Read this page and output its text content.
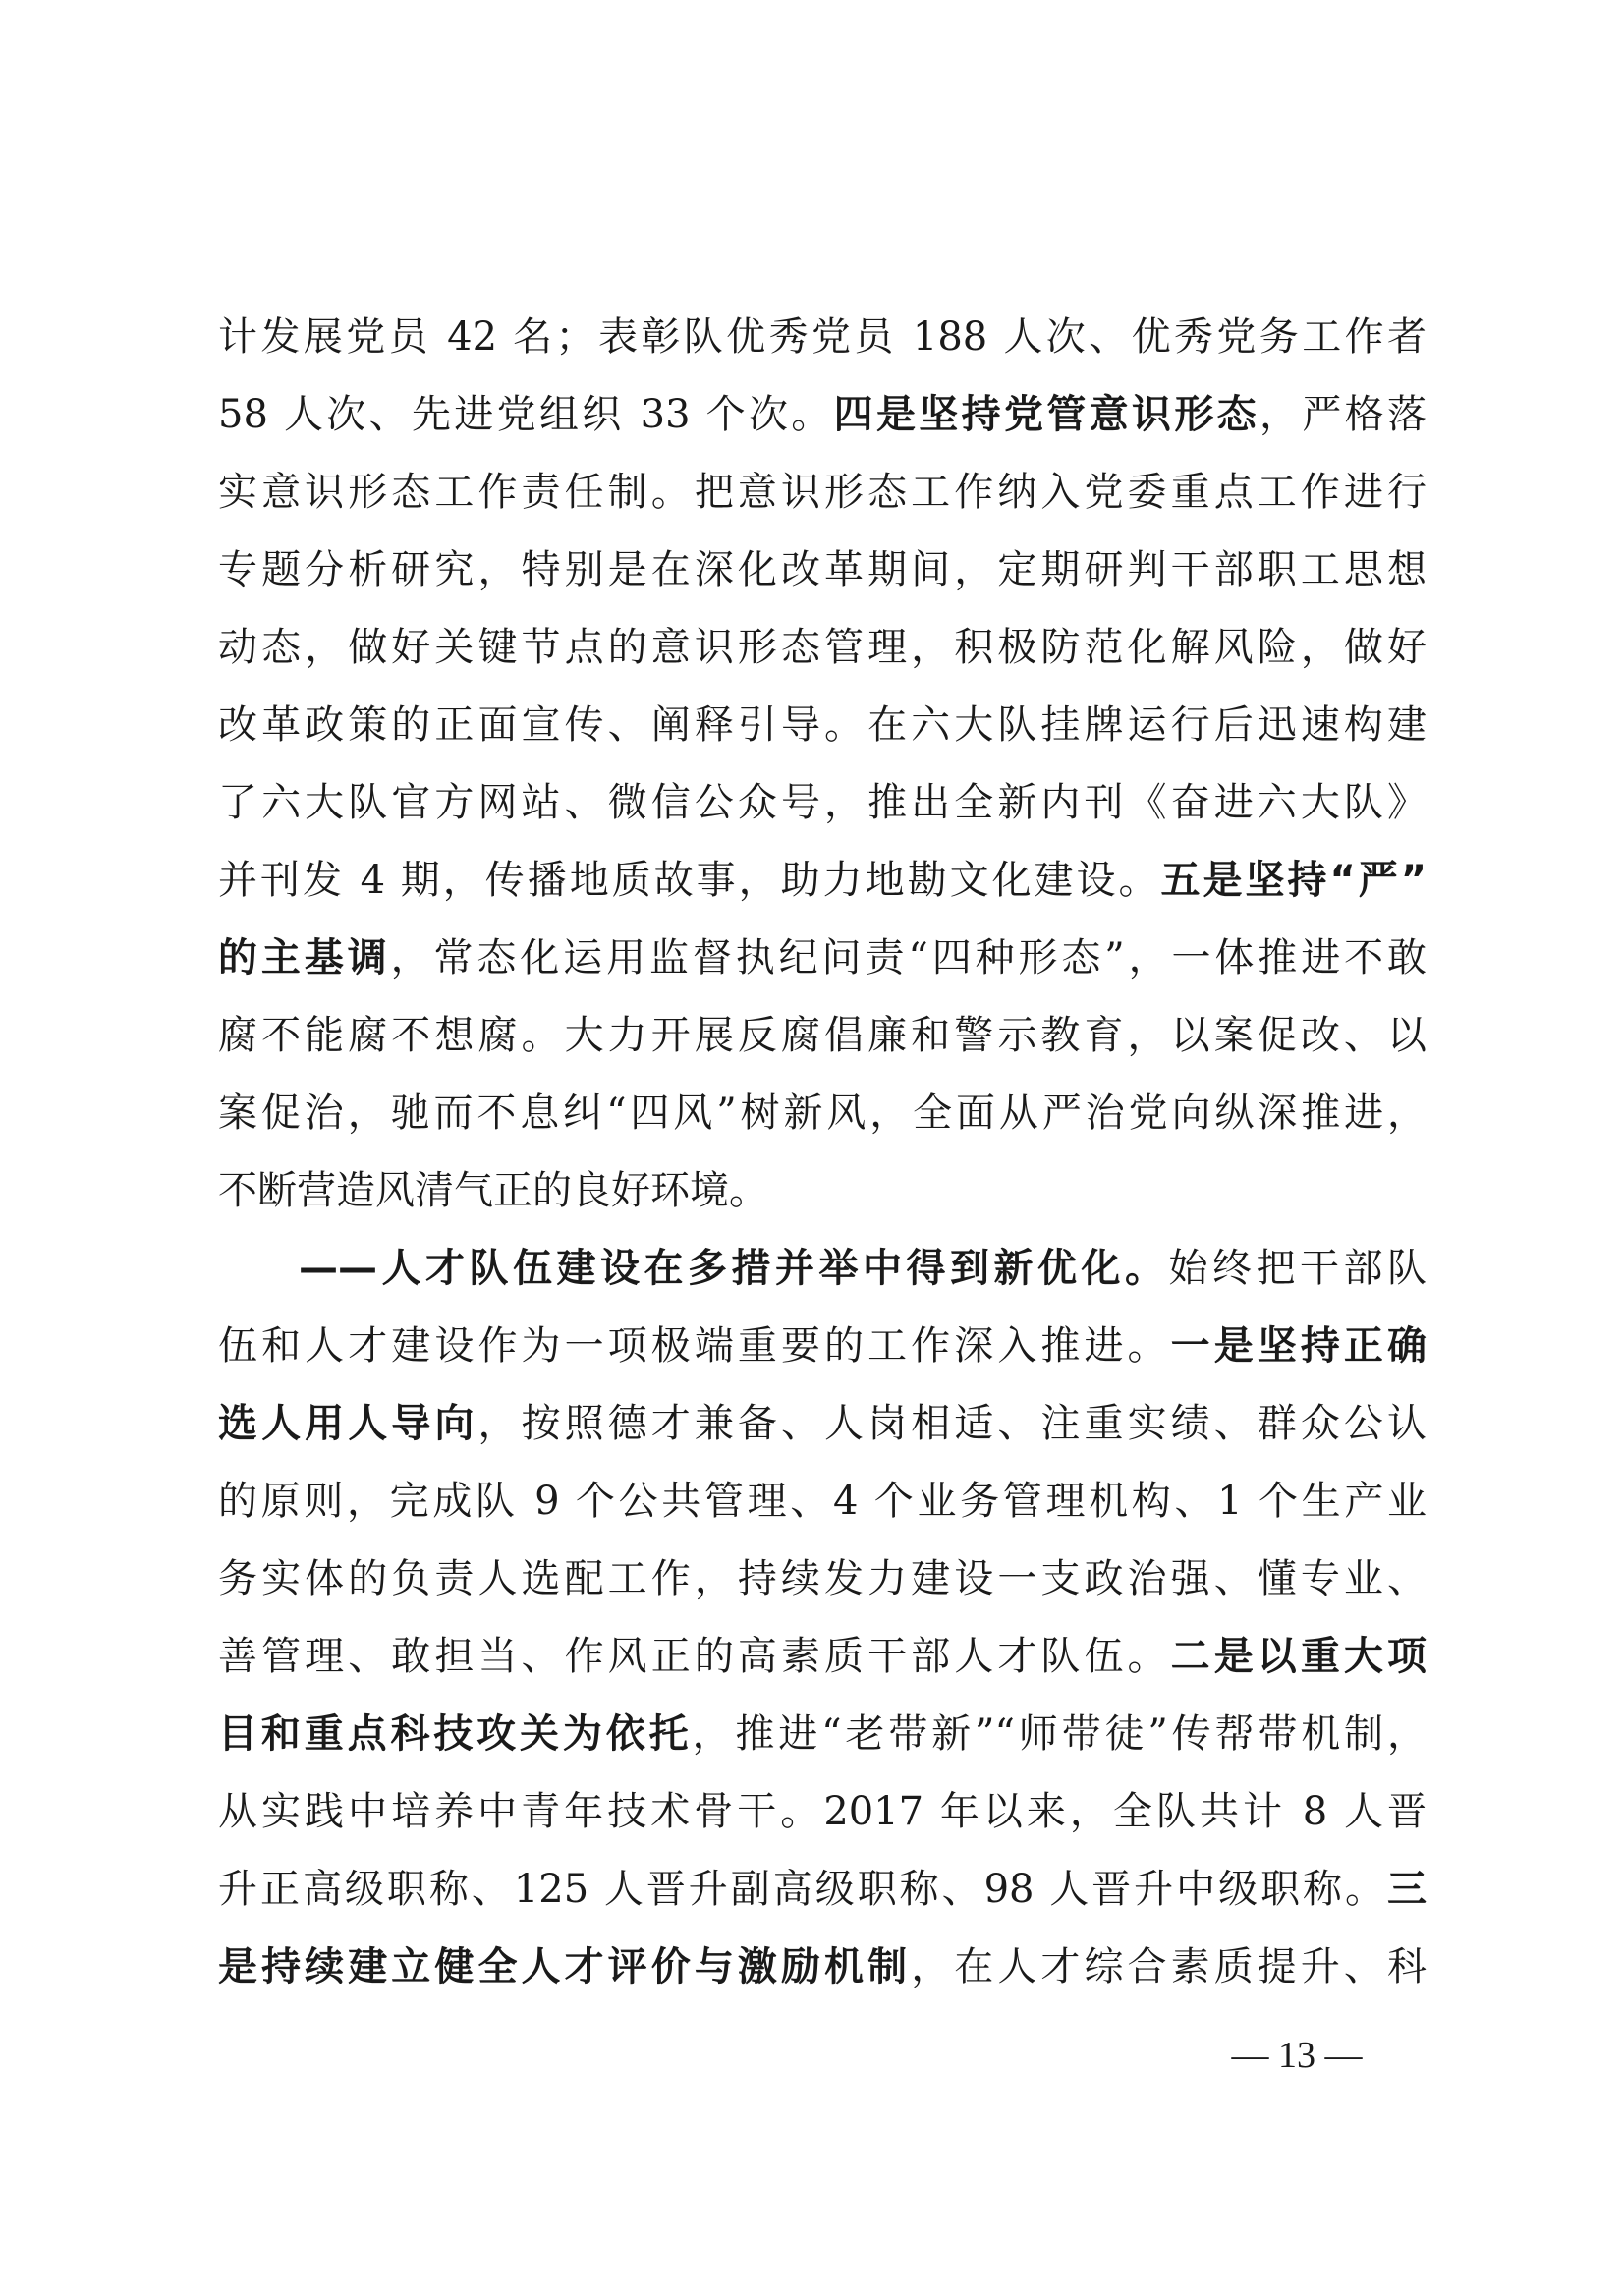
计发展党员 42 名；表彰队优秀党员 188 人次、优秀党务工作者
58 人次、先进党组织 33 个次。四是坚持党管意识形态，严格落
实意识形态工作责任制。把意识形态工作纳入党委重点工作进行
专题分析研究，特别是在深化改革期间，定期研判干部职工思想
动态，做好关键节点的意识形态管理，积极防范化解风险，做好
改革政策的正面宣传、阐释引导。在六大队挂牌运行后迅速构建
了六大队官方网站、微信公众号，推出全新内刊《奋进六大队》
并刊发 4 期，传播地质故事，助力地勘文化建设。五是坚持“严”
的主基调，常态化运用监督执纪问责“四种形态”，一体推进不敢
腐不能腐不想腐。大力开展反腐倡廉和警示教育，以案促改、以
案促治，驰而不息纠“四风”树新风，全面从严治党向纵深推进，
不断营造风清气正的良好环境。
——人才队伍建设在多措并举中得到新优化。始终把干部队
伍和人才建设作为一项极端重要的工作深入推进。一是坚持正确
选人用人导向，按照德才兼备、人岗相适、注重实绩、群众公认
的原则，完成队 9 个公共管理、4 个业务管理机构、1 个生产业
务实体的负责人选配工作，持续发力建设一支政治强、懂专业、
善管理、敢担当、作风正的高素质干部人才队伍。二是以重大项
目和重点科技攻关为依托，推进“老带新”“师带徒”传帮带机制，
从实践中培养中青年技术骨干。2017 年以来，全队共计 8 人晋
升正高级职称、125 人晋升副高级职称、98 人晋升中级职称。三
是持续建立健全人才评价与激励机制，在人才综合素质提升、科
— 13 —
